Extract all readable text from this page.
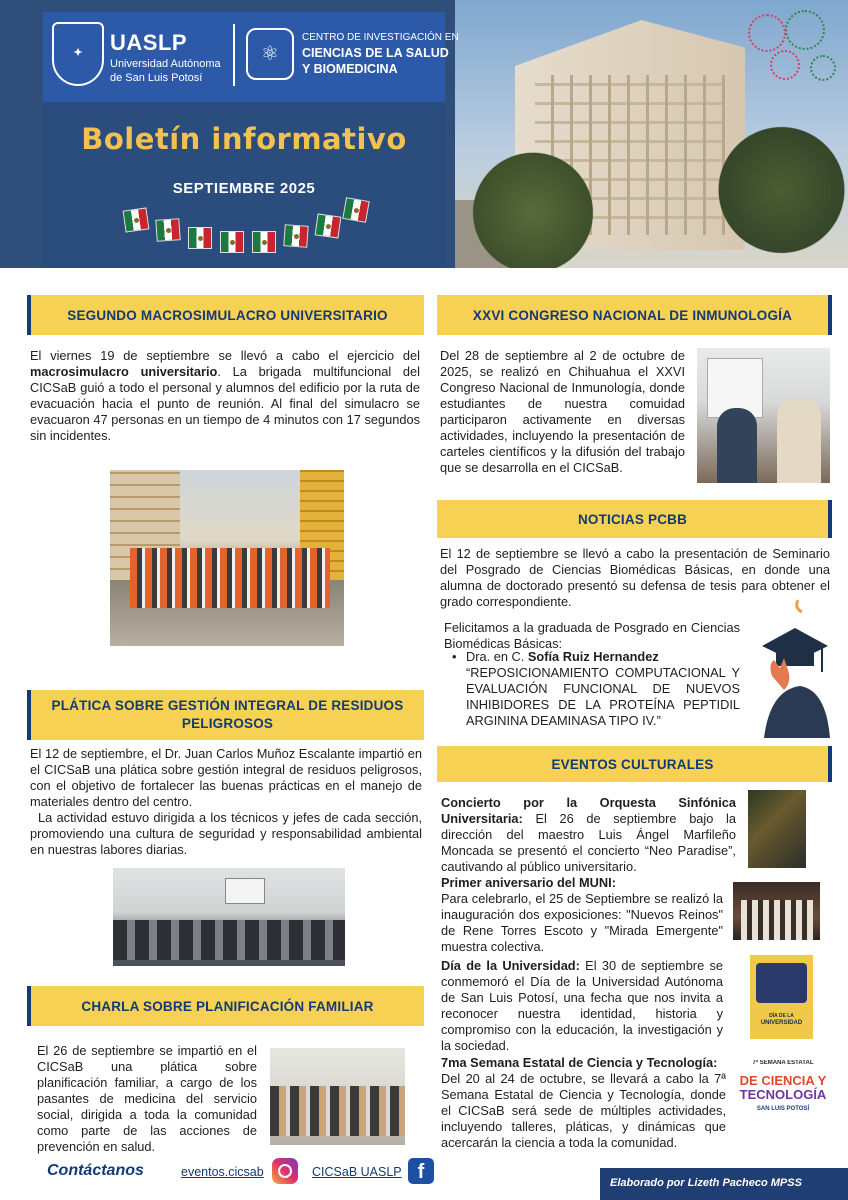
✦	UASLP
Universidad Autónoma
de San Luis Potosí
⚛
CENTRO DE INVESTIGACIÓN EN
CIENCIAS DE LA SALUD
Y BIOMEDICINA
Boletín informativo
SEPTIEMBRE 2025
SEGUNDO MACROSIMULACRO UNIVERSITARIO
El viernes 19 de septiembre se llevó a cabo el ejercicio del macrosimulacro universitario. La brigada multifuncional del CICSaB guió a todo el personal y alumnos del edificio por la ruta de evacuación hacia el punto de reunión. Al final del simulacro se evacuaron 47 personas en un tiempo de 4 minutos con 17 segundos sin incidentes.
PLÁTICA SOBRE GESTIÓN INTEGRAL DE RESIDUOS PELIGROSOS
El 12 de septiembre, el Dr. Juan Carlos Muñoz Escalante impartió en el CICSaB una plática sobre gestión integral de residuos peligrosos, con el objetivo de fortalecer las buenas prácticas en el manejo de materiales dentro del centro.
La actividad estuvo dirigida a los técnicos y jefes de cada sección, promoviendo una cultura de seguridad y responsabilidad ambiental en nuestras labores diarias.
CHARLA SOBRE PLANIFICACIÓN FAMILIAR
El 26 de septiembre se impartió en el CICSaB una plática sobre planificación familiar, a cargo de los pasantes de medicina del servicio social, dirigida a toda la comunidad como parte de las acciones de prevención en salud.
XXVI CONGRESO NACIONAL DE INMUNOLOGÍA
Del 28 de septiembre al 2 de octubre de 2025, se realizó en Chihuahua el XXVI Congreso Nacional de Inmunología, donde estudiantes de nuestra comuidad participaron activamente en diversas actividades, incluyendo la presentación de carteles científicos y la difusión del trabajo que se desarrolla en el CICSaB.
NOTICIAS PCBB
El 12 de septiembre se llevó a cabo la presentación de Seminario del Posgrado de Ciencias Biomédicas Básicas, en donde una alumna de doctorado presentó su defensa de tesis para obtener el grado correspondiente.
Felicitamos a la graduada de Posgrado en Ciencias Biomédicas Básicas:
• Dra. en C. Sofía Ruiz Hernandez
“REPOSICIONAMIENTO COMPUTACIONAL Y EVALUACIÓN FUNCIONAL DE NUEVOS INHIBIDORES DE LA PROTEÍNA PEPTIDIL ARGININA DEAMINASA TIPO IV.”
EVENTOS CULTURALES
Concierto por la Orquesta Sinfónica Universitaria: El 26 de septiembre bajo la dirección del maestro Luis Ángel Marfileño Moncada se presentó el concierto “Neo Paradise”, cautivando al público universitario.
Primer aniversario del MUNI:
Para celebrarlo, el 25 de Septiembre se realizó la inauguración dos exposiciones: "Nuevos Reinos" de Rene Torres Escoto y "Mirada Emergente" muestra colectiva.
Día de la Universidad: El 30 de septiembre se conmemoró el Día de la Universidad Autónoma de San Luis Potosí, una fecha que nos invita a reconocer nuestra identidad, historia y compromiso con la educación, la investigación y la sociedad.
DÍA DE LA
UNIVERSIDAD
7ma Semana Estatal de Ciencia y Tecnología:
Del 20 al 24 de octubre, se llevará a cabo la 7ª Semana Estatal de Ciencia y Tecnología, donde el CICSaB será sede de múltiples actividades, incluyendo talleres, pláticas, y dinámicas que acercarán la ciencia a toda la comunidad.
7ª SEMANA ESTATAL
DE CIENCIA Y
TECNOLOGÍA
SAN LUIS POTOSÍ
Contáctanos	eventos.cicsab	CICSaB UASLP f	Elaborado por Lizeth Pacheco MPSS
